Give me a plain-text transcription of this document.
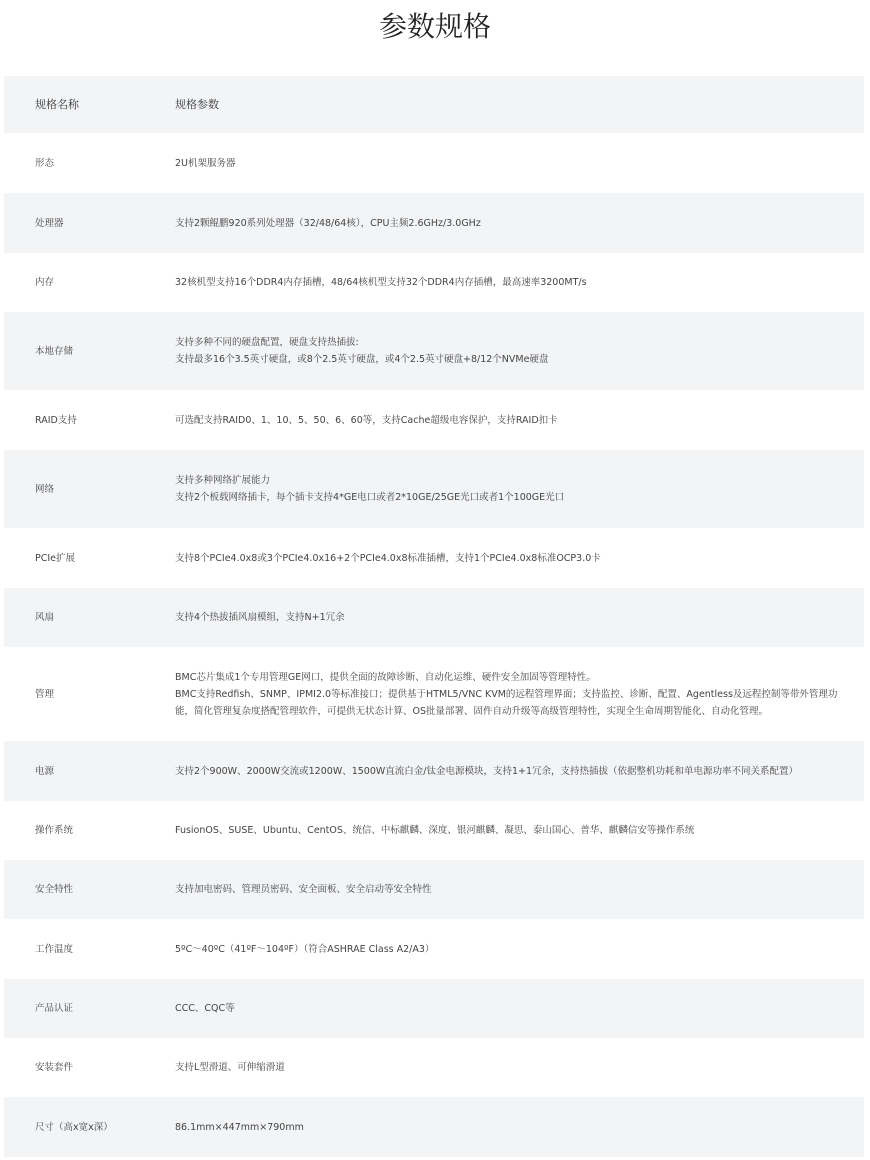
参数规格
规格名称	规格参数
形态	2U机架服务器

处理器	支持2颗鲲鹏920系列处理器（32/48/64核），CPU主频2.6GHz/3.0GHz

内存	32核机型支持16个DDR4内存插槽，48/64核机型支持32个DDR4内存插槽，最高速率3200MT/s

本地存储	支持多种不同的硬盘配置，硬盘支持热插拔:
支持最多16个3.5英寸硬盘，或8个2.5英寸硬盘，或4个2.5英寸硬盘+8/12个NVMe硬盘

RAID支持	可选配支持RAID0、1、10、5、50、6、60等，支持Cache超级电容保护，支持RAID扣卡

网络	支持多种网络扩展能力
支持2个板载网络插卡，每个插卡支持4*GE电口或者2*10GE/25GE光口或者1个100GE光口

PCIe扩展	支持8个PCIe4.0x8或3个PCIe4.0x16+2个PCIe4.0x8标准插槽，支持1个PCIe4.0x8标准OCP3.0卡

风扇	支持4个热拔插风扇模组，支持N+1冗余

管理	BMC芯片集成1个专用管理GE网口，提供全面的故障诊断、自动化运维、硬件安全加固等管理特性。
BMC支持Redfish、SNMP、IPMI2.0等标准接口；提供基于HTML5/VNC KVM的远程管理界面；支持监控、诊断、配置、Agentless及远程控制等带外管理功能，简化管理复杂度搭配管理软件，可提供无状态计算、OS批量部署、固件自动升级等高级管理特性，实现全生命周期智能化、自动化管理。

电源	支持2个900W、2000W交流或1200W、1500W直流白金/钛金电源模块，支持1+1冗余，支持热插拔（依据整机功耗和单电源功率不同关系配置）

操作系统	FusionOS、SUSE、Ubuntu、CentOS、统信、中标麒麟、深度、银河麒麟、凝思、泰山国心、普华、麒麟信安等操作系统

安全特性	支持加电密码、管理员密码、安全面板、安全启动等安全特性

工作温度	5ºC～40ºC（41ºF～104ºF）（符合ASHRAE Class A2/A3）

产品认证	CCC、CQC等

安装套件	支持L型滑道、可伸缩滑道

尺寸（高x宽x深）	86.1mm×447mm×790mm
